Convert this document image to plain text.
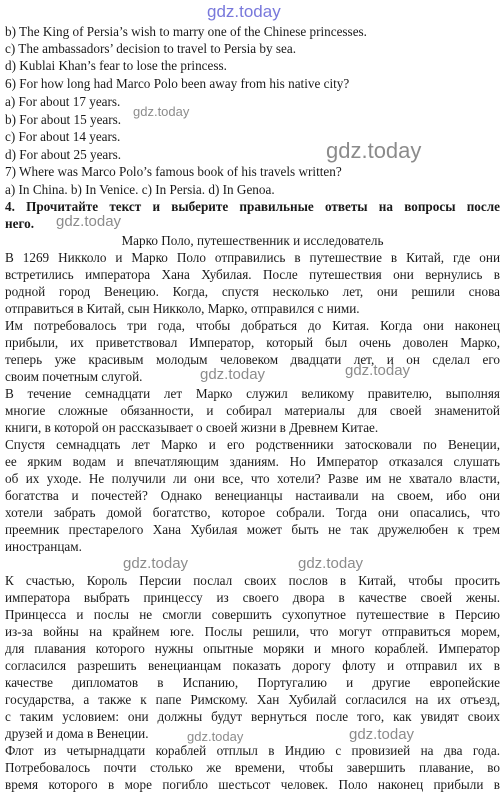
gdz.today
b) The King of Persia’s wish to marry one of the Chinese princesses.
c) The ambassadors’ decision to travel to Persia by sea.
d) Kublai Khan’s fear to lose the princess.
6) For how long had Marco Polo been away from his native city?
a) For about 17 years.
gdz.today
b) For about 15 years.
c) For about 14 years.
gdz.today
d) For about 25 years.
7) Where was Marco Polo’s famous book of his travels written?
a) In China. b) In Venice. c) In Persia. d) In Genoa.
4. Прочитайте текст и выберите правильные ответы на вопросы после
него.	gdz.today
Марко Поло, путешественник и исследователь
В 1269 Никколо и Марко Поло отправились в путешествие в Китай, где они
встретились императора Хана Хубилая. После путешествия они вернулись в
родной город Венецию. Когда, спустя несколько лет, они решили снова
отправиться в Китай, сын Никколо, Марко, отправился с ними.
Им потребовалось три года, чтобы добраться до Китая. Когда они наконец
прибыли, их приветствовал Император, который был очень доволен Марко,
теперь уже красивым молодым человеком двадцати лет, и он сделал его
своим почетным слугой.	gdz.today	gdz.today
В течение семнадцати лет Марко служил великому правителю, выполняя
многие сложные обязанности, и собирал материалы для своей знаменитой
книги, в которой он рассказывает о своей жизни в Древнем Китае.
Спустя семнадцать лет Марко и его родственники затосковали по Венеции,
ее ярким водам и впечатляющим зданиям. Но Император отказался слушать
об их уходе. Не получили ли они все, что хотели? Разве им не хватало власти,
богатства и почестей? Однако венецианцы настаивали на своем, ибо они
хотели забрать домой богатство, которое собрали. Тогда они опасались, что
преемник престарелого Хана Хубилая может быть не так дружелюбен к трем
иностранцам.
gdz.today	gdz.today
К счастью, Король Персии послал своих послов в Китай, чтобы просить
императора выбрать принцессу из своего двора в качестве своей жены.
Принцесса и послы не смогли совершить сухопутное путешествие в Персию
из-за войны на крайнем юге. Послы решили, что могут отправиться морем,
для плавания которого нужны опытные моряки и много кораблей. Император
согласился разрешить венецианцам показать дорогу флоту и отправил их в
качестве дипломатов в Испанию, Португалию и другие европейские
государства, а также к папе Римскому. Хан Хубилай согласился на их отъезд,
с таким условием: они должны будут вернуться после того, как увидят своих
друзей и дома в Венеции.	gdz.today	gdz.today
Флот из четырнадцати кораблей отплыл в Индию с провизией на два года.
Потребовалось почти столько же времени, чтобы завершить плавание, во
время которого в море погибло шестьсот человек. Поло наконец прибыли в
